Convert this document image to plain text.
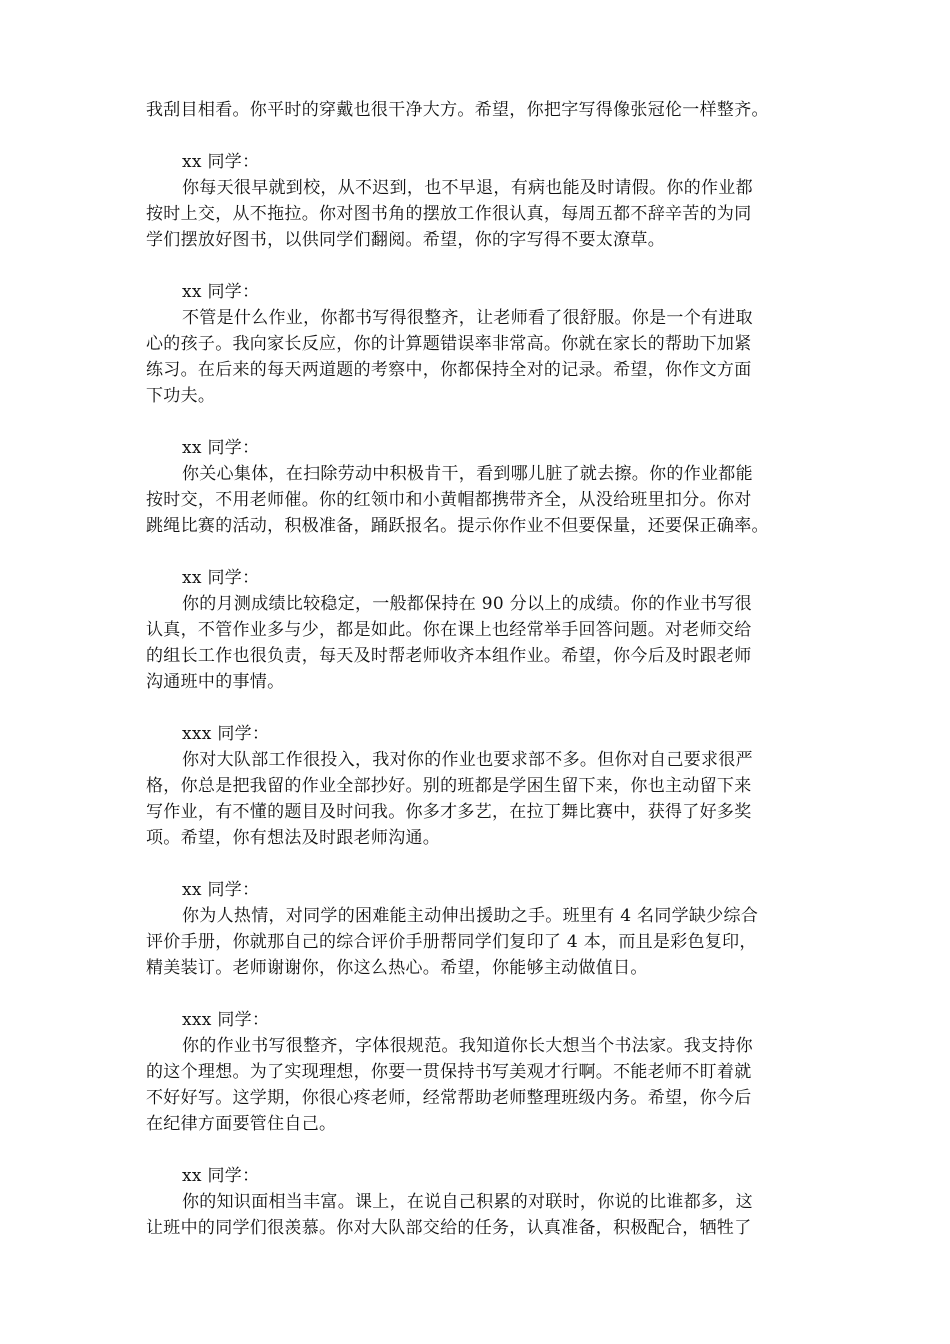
我刮目相看。你平时的穿戴也很干净大方。希望，你把字写得像张冠伦一样整齐。
xx 同学：
你每天很早就到校，从不迟到，也不早退，有病也能及时请假。你的作业都
按时上交，从不拖拉。你对图书角的摆放工作很认真，每周五都不辞辛苦的为同
学们摆放好图书，以供同学们翻阅。希望，你的字写得不要太潦草。
xx 同学：
不管是什么作业，你都书写得很整齐，让老师看了很舒服。你是一个有进取
心的孩子。我向家长反应，你的计算题错误率非常高。你就在家长的帮助下加紧
练习。在后来的每天两道题的考察中，你都保持全对的记录。希望，你作文方面
下功夫。
xx 同学：
你关心集体，在扫除劳动中积极肯干，看到哪儿脏了就去擦。你的作业都能
按时交，不用老师催。你的红领巾和小黄帽都携带齐全，从没给班里扣分。你对
跳绳比赛的活动，积极准备，踊跃报名。提示你作业不但要保量，还要保正确率。
xx 同学：
你的月测成绩比较稳定，一般都保持在 90 分以上的成绩。你的作业书写很
认真，不管作业多与少，都是如此。你在课上也经常举手回答问题。对老师交给
的组长工作也很负责，每天及时帮老师收齐本组作业。希望，你今后及时跟老师
沟通班中的事情。
xxx 同学：
你对大队部工作很投入，我对你的作业也要求部不多。但你对自己要求很严
格，你总是把我留的作业全部抄好。别的班都是学困生留下来，你也主动留下来
写作业，有不懂的题目及时问我。你多才多艺，在拉丁舞比赛中，获得了好多奖
项。希望，你有想法及时跟老师沟通。
xx 同学：
你为人热情，对同学的困难能主动伸出援助之手。班里有 4 名同学缺少综合
评价手册，你就那自己的综合评价手册帮同学们复印了 4 本，而且是彩色复印，
精美装订。老师谢谢你，你这么热心。希望，你能够主动做值日。
xxx 同学：
你的作业书写很整齐，字体很规范。我知道你长大想当个书法家。我支持你
的这个理想。为了实现理想，你要一贯保持书写美观才行啊。不能老师不盯着就
不好好写。这学期，你很心疼老师，经常帮助老师整理班级内务。希望，你今后
在纪律方面要管住自己。
xx 同学：
你的知识面相当丰富。课上，在说自己积累的对联时，你说的比谁都多，这
让班中的同学们很羡慕。你对大队部交给的任务，认真准备，积极配合，牺牲了
